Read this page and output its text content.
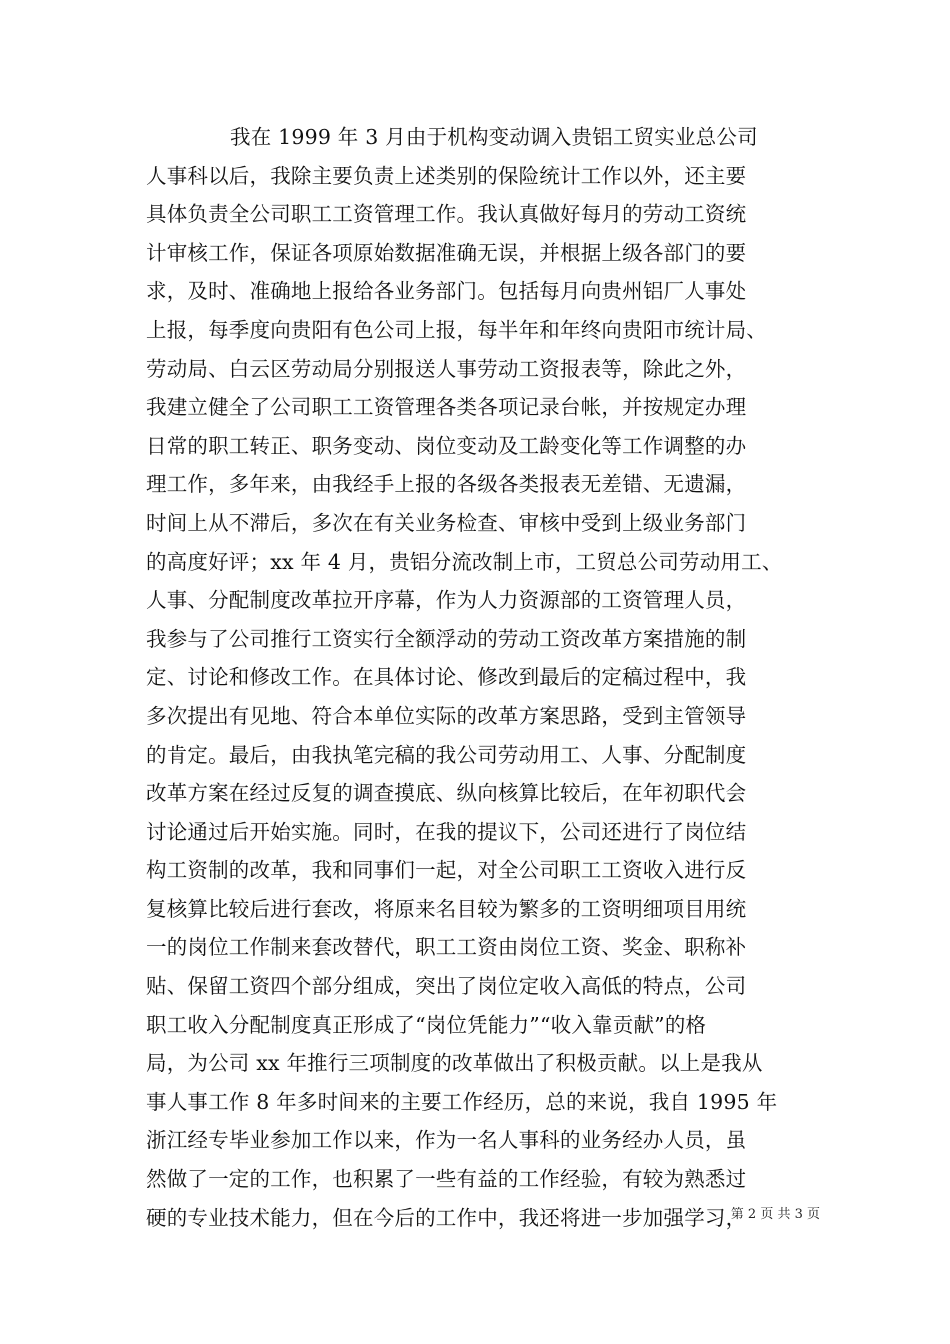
我在 1999 年 3 月由于机构变动调入贵铝工贸实业总公司
人事科以后，我除主要负责上述类别的保险统计工作以外，还主要
具体负责全公司职工工资管理工作。我认真做好每月的劳动工资统
计审核工作，保证各项原始数据准确无误，并根据上级各部门的要
求，及时、准确地上报给各业务部门。包括每月向贵州铝厂人事处
上报，每季度向贵阳有色公司上报，每半年和年终向贵阳市统计局、
劳动局、白云区劳动局分别报送人事劳动工资报表等，除此之外，
我建立健全了公司职工工资管理各类各项记录台帐，并按规定办理
日常的职工转正、职务变动、岗位变动及工龄变化等工作调整的办
理工作，多年来，由我经手上报的各级各类报表无差错、无遗漏，
时间上从不滞后，多次在有关业务检查、审核中受到上级业务部门
的高度好评；xx 年 4 月，贵铝分流改制上市，工贸总公司劳动用工、
人事、分配制度改革拉开序幕，作为人力资源部的工资管理人员，
我参与了公司推行工资实行全额浮动的劳动工资改革方案措施的制
定、讨论和修改工作。在具体讨论、修改到最后的定稿过程中，我
多次提出有见地、符合本单位实际的改革方案思路，受到主管领导
的肯定。最后，由我执笔完稿的我公司劳动用工、人事、分配制度
改革方案在经过反复的调查摸底、纵向核算比较后，在年初职代会
讨论通过后开始实施。同时，在我的提议下，公司还进行了岗位结
构工资制的改革，我和同事们一起，对全公司职工工资收入进行反
复核算比较后进行套改，将原来名目较为繁多的工资明细项目用统
一的岗位工作制来套改替代，职工工资由岗位工资、奖金、职称补
贴、保留工资四个部分组成，突出了岗位定收入高低的特点，公司
职工收入分配制度真正形成了“岗位凭能力”“收入靠贡献”的格
局，为公司 xx 年推行三项制度的改革做出了积极贡献。以上是我从
事人事工作 8 年多时间来的主要工作经历，总的来说，我自 1995 年
浙江经专毕业参加工作以来，作为一名人事科的业务经办人员，虽
然做了一定的工作，也积累了一些有益的工作经验，有较为熟悉过
硬的专业技术能力，但在今后的工作中，我还将进一步加强学习，
第 2 页 共 3 页
